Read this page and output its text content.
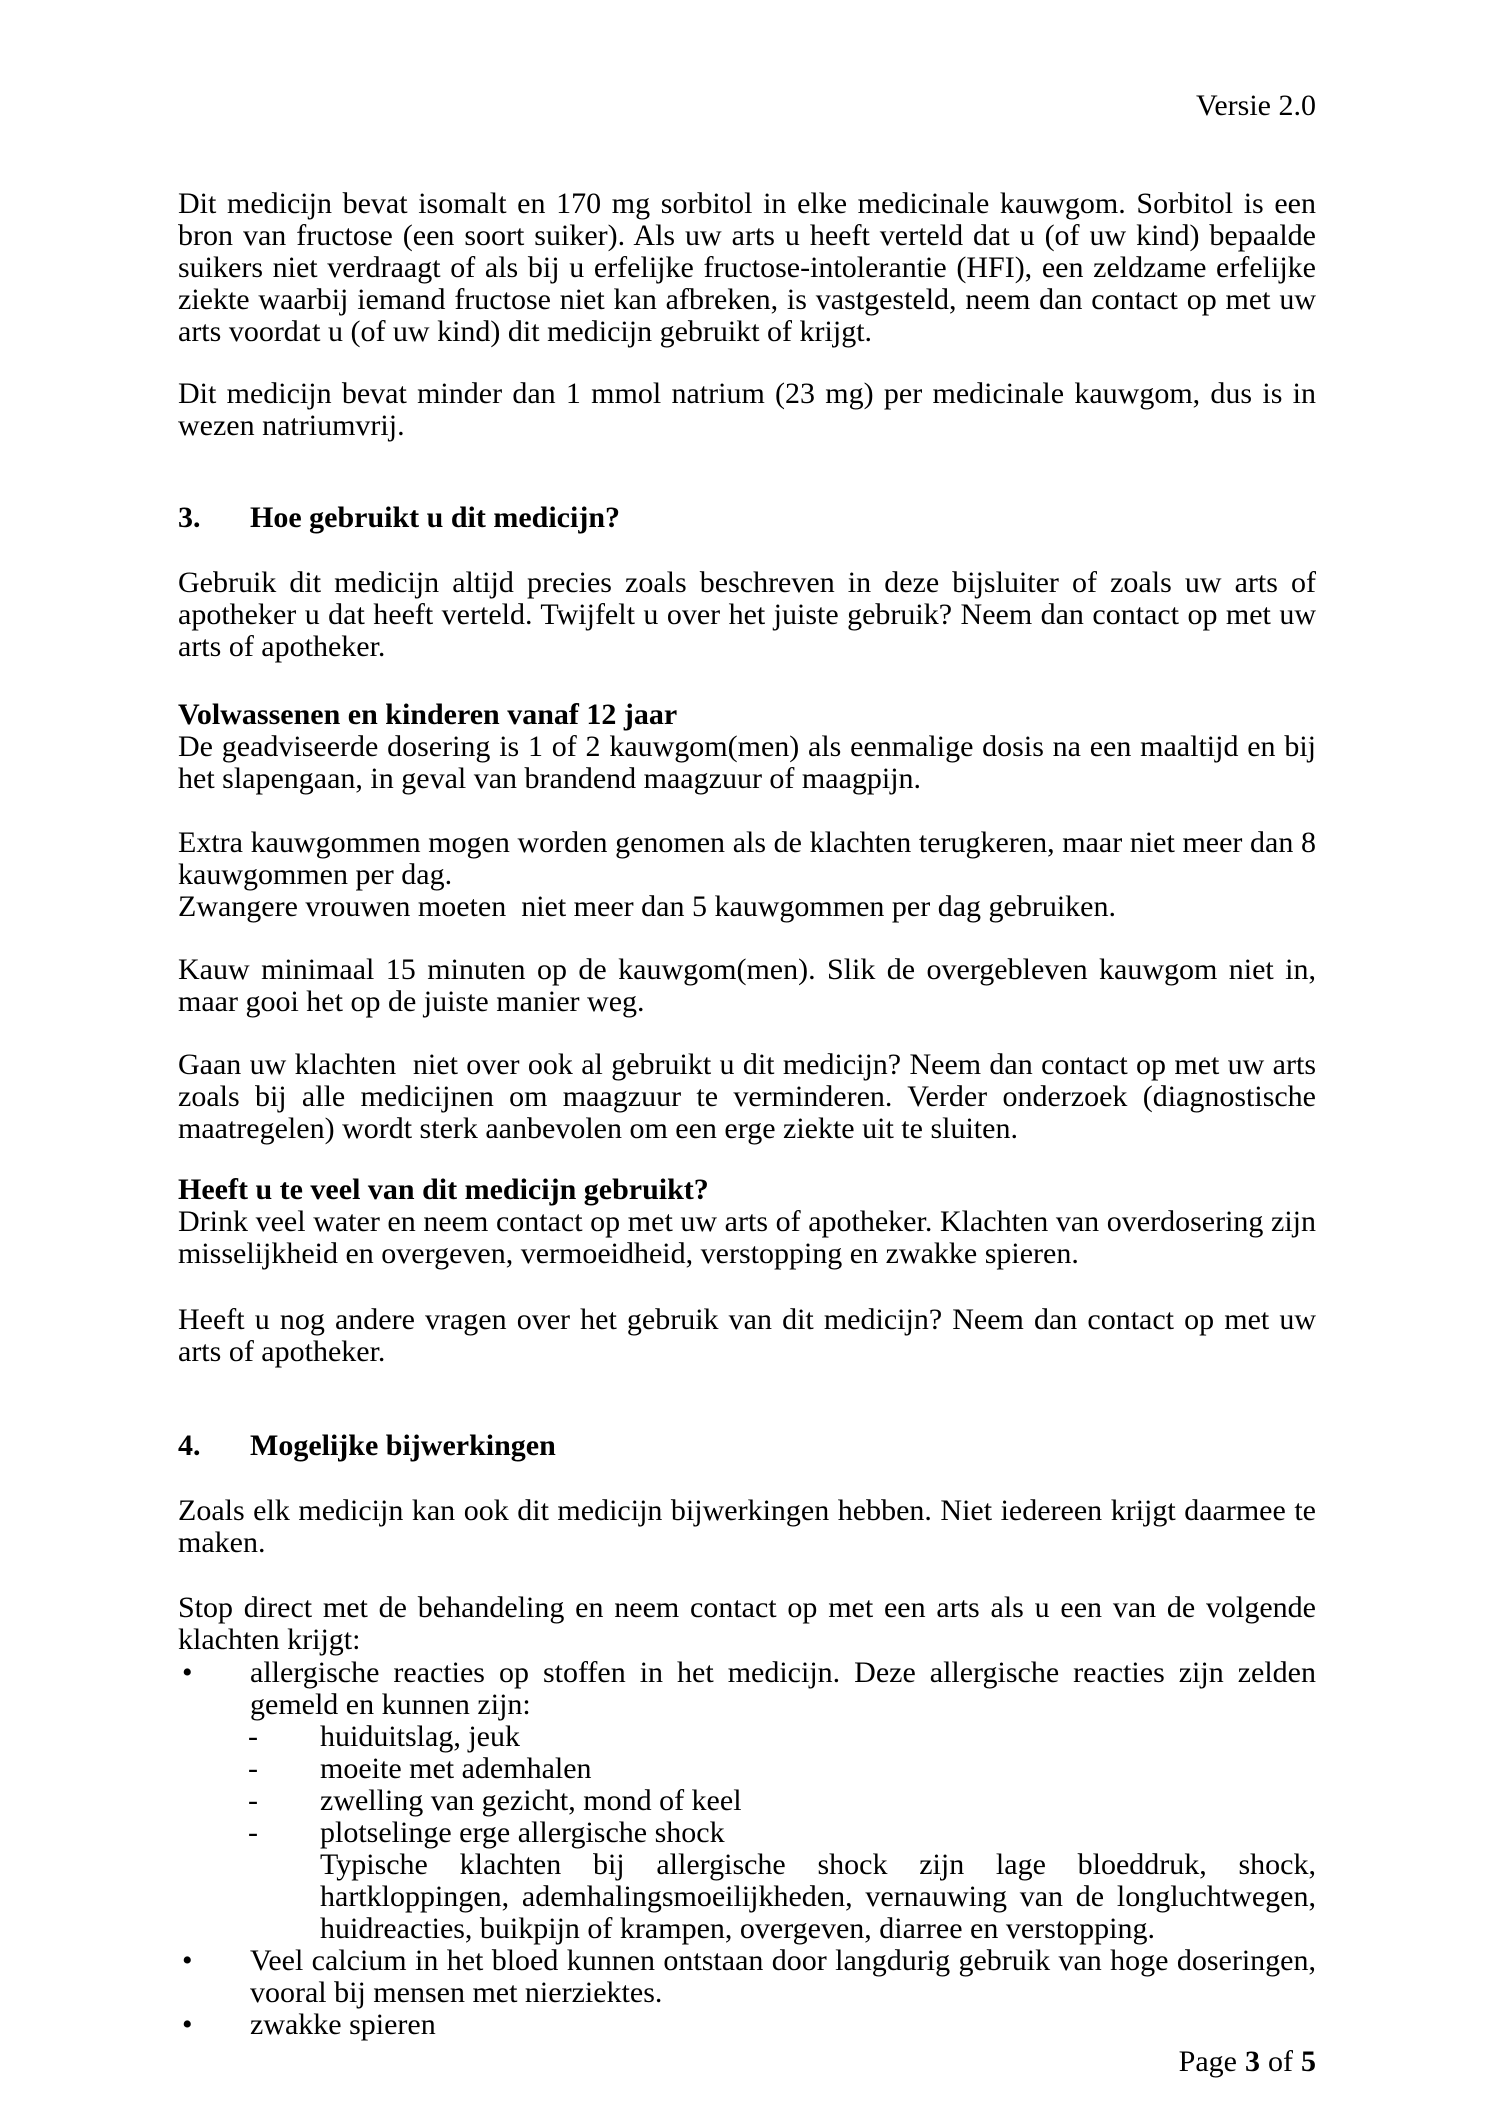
Versie 2.0

Dit medicijn bevat isomalt en 170 mg sorbitol in elke medicinale kauwgom. Sorbitol is een bron van fructose (een soort suiker). Als uw arts u heeft verteld dat u (of uw kind) bepaalde suikers niet verdraagt of als bij u erfelijke fructose-intolerantie (HFI), een zeldzame erfelijke ziekte waarbij iemand fructose niet kan afbreken, is vastgesteld, neem dan contact op met uw arts voordat u (of uw kind) dit medicijn gebruikt of krijgt.

Dit medicijn bevat minder dan 1 mmol natrium (23 mg) per medicinale kauwgom, dus is in wezen natriumvrij.

3. Hoe gebruikt u dit medicijn?

Gebruik dit medicijn altijd precies zoals beschreven in deze bijsluiter of zoals uw arts of apotheker u dat heeft verteld. Twijfelt u over het juiste gebruik? Neem dan contact op met uw arts of apotheker.

Volwassenen en kinderen vanaf 12 jaar

De geadviseerde dosering is 1 of 2 kauwgom(men) als eenmalige dosis na een maaltijd en bij het slapengaan, in geval van brandend maagzuur of maagpijn.

Extra kauwgommen mogen worden genomen als de klachten terugkeren, maar niet meer dan 8 kauwgommen per dag.

Zwangere vrouwen moeten  niet meer dan 5 kauwgommen per dag gebruiken.

Kauw minimaal 15 minuten op de kauwgom(men). Slik de overgebleven kauwgom niet in, maar gooi het op de juiste manier weg.

Gaan uw klachten  niet over ook al gebruikt u dit medicijn? Neem dan contact op met uw arts zoals bij alle medicijnen om maagzuur te verminderen. Verder onderzoek (diagnostische maatregelen) wordt sterk aanbevolen om een erge ziekte uit te sluiten.

Heeft u te veel van dit medicijn gebruikt?

Drink veel water en neem contact op met uw arts of apotheker. Klachten van overdosering zijn misselijkheid en overgeven, vermoeidheid, verstopping en zwakke spieren.

Heeft u nog andere vragen over het gebruik van dit medicijn? Neem dan contact op met uw arts of apotheker.

4. Mogelijke bijwerkingen

Zoals elk medicijn kan ook dit medicijn bijwerkingen hebben. Niet iedereen krijgt daarmee te maken.

Stop direct met de behandeling en neem contact op met een arts als u een van de volgende klachten krijgt:

• allergische reacties op stoffen in het medicijn. Deze allergische reacties zijn zelden gemeld en kunnen zijn:
- huiduitslag, jeuk
- moeite met ademhalen
- zwelling van gezicht, mond of keel
- plotselinge erge allergische shock

Typische klachten bij allergische shock zijn lage bloeddruk, shock, hartkloppingen, ademhalingsmoeilijkheden, vernauwing van de longluchtwegen, huidreacties, buikpijn of krampen, overgeven, diarree en verstopping.

• Veel calcium in het bloed kunnen ontstaan door langdurig gebruik van hoge doseringen, vooral bij mensen met nierziektes.
• zwakke spieren
Page 3 of 5
